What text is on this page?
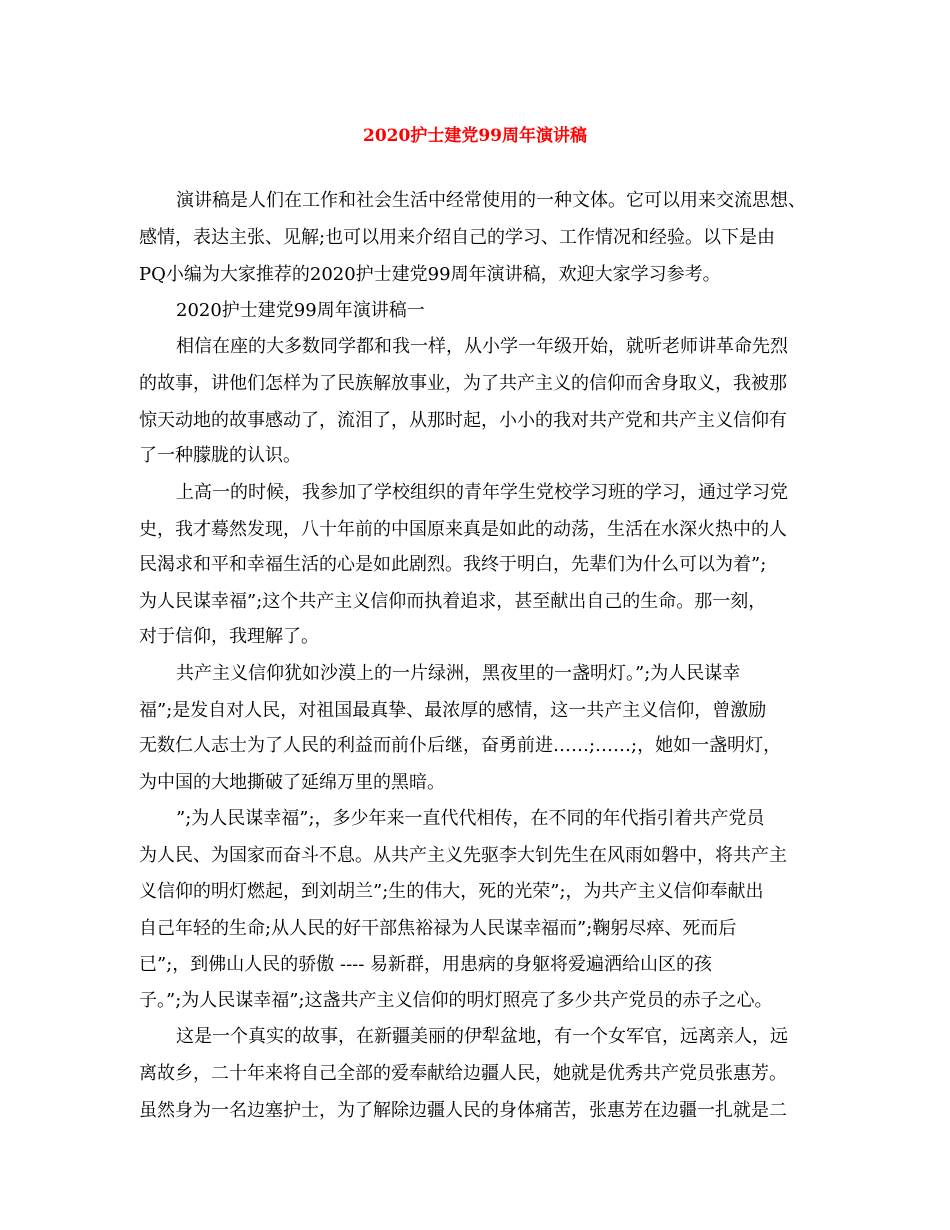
2020护士建党99周年演讲稿
演讲稿是人们在工作和社会生活中经常使用的一种文体。它可以用来交流思想、
感情，表达主张、见解;也可以用来介绍自己的学习、工作情况和经验。以下是由
PQ小编为大家推荐的2020护士建党99周年演讲稿，欢迎大家学习参考。
2020护士建党99周年演讲稿一
相信在座的大多数同学都和我一样，从小学一年级开始，就听老师讲革命先烈
的故事，讲他们怎样为了民族解放事业，为了共产主义的信仰而舍身取义，我被那
惊天动地的故事感动了，流泪了，从那时起，小小的我对共产党和共产主义信仰有
了一种朦胧的认识。
上高一的时候，我参加了学校组织的青年学生党校学习班的学习，通过学习党
史，我才蓦然发现，八十年前的中国原来真是如此的动荡，生活在水深火热中的人
民渴求和平和幸福生活的心是如此剧烈。我终于明白，先辈们为什么可以为着”;
为人民谋幸福”;这个共产主义信仰而执着追求，甚至献出自己的生命。那一刻，
对于信仰，我理解了。
共产主义信仰犹如沙漠上的一片绿洲，黑夜里的一盏明灯。”;为人民谋幸
福”;是发自对人民，对祖国最真挚、最浓厚的感情，这一共产主义信仰，曾激励
无数仁人志士为了人民的利益而前仆后继，奋勇前进……;……;，她如一盏明灯，
为中国的大地撕破了延绵万里的黑暗。
”;为人民谋幸福”;，多少年来一直代代相传，在不同的年代指引着共产党员
为人民、为国家而奋斗不息。从共产主义先驱李大钊先生在风雨如磐中，将共产主
义信仰的明灯燃起，到刘胡兰”;生的伟大，死的光荣”;，为共产主义信仰奉献出
自己年轻的生命;从人民的好干部焦裕禄为人民谋幸福而”;鞠躬尽瘁、死而后
已”;，到佛山人民的骄傲 ---- 易新群，用患病的身躯将爱遍洒给山区的孩
子。”;为人民谋幸福”;这盏共产主义信仰的明灯照亮了多少共产党员的赤子之心。
这是一个真实的故事，在新疆美丽的伊犁盆地，有一个女军官，远离亲人，远
离故乡，二十年来将自己全部的爱奉献给边疆人民，她就是优秀共产党员张惠芳。
虽然身为一名边塞护士，为了解除边疆人民的身体痛苦，张惠芳在边疆一扎就是二
